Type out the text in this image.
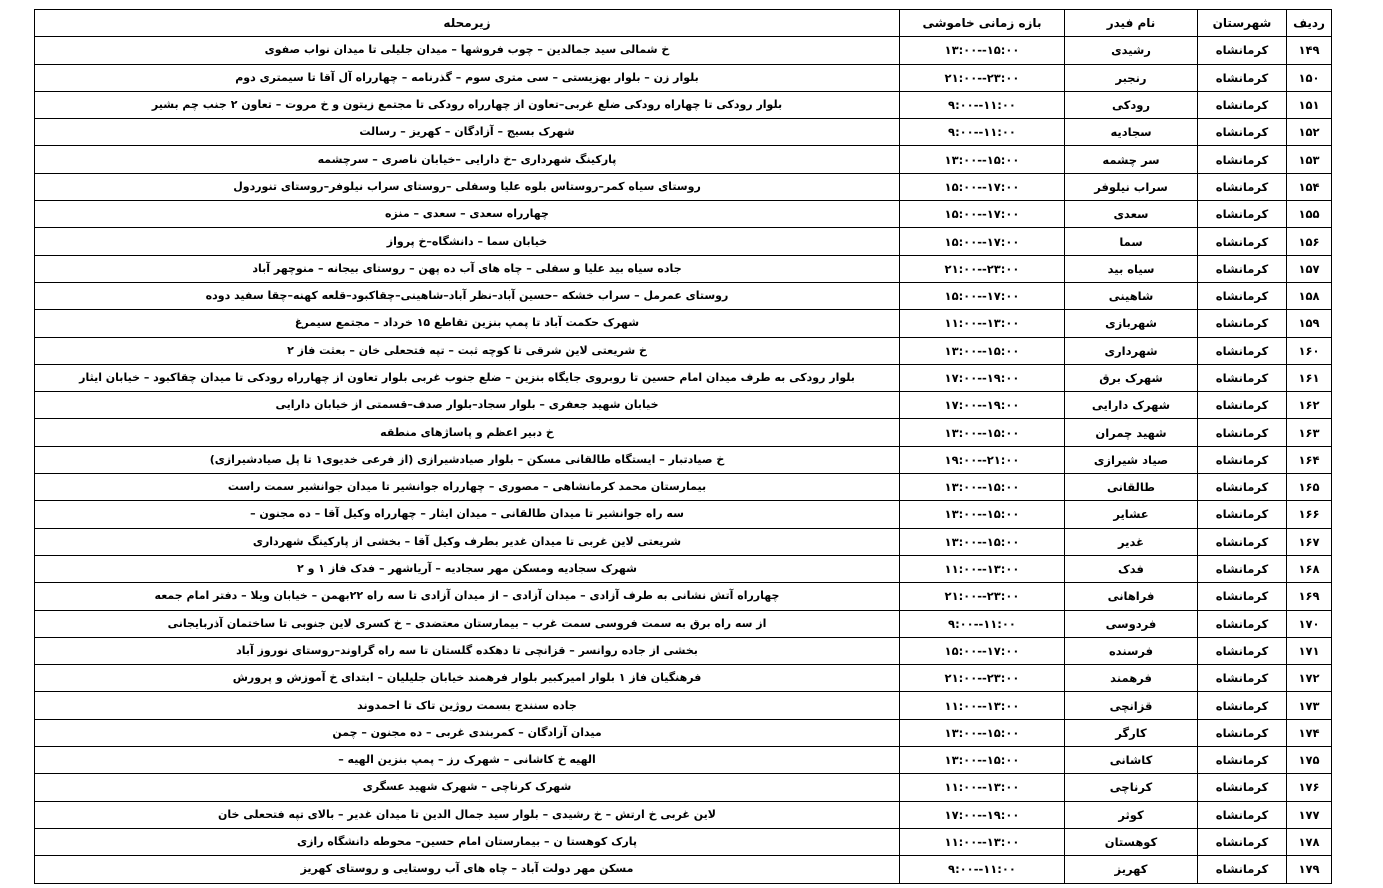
ردیف	شهرستان	نام فیدر	بازه زمانی خاموشی	زیرمحله
۱۴۹	کرمانشاه	رشیدی	۱۳:۰۰--۱۵:۰۰	خ شمالی سید جمالدین – چوب فروشها – میدان جلیلی تا میدان نواب صفوی
۱۵۰	کرمانشاه	رنجبر	۲۱:۰۰--۲۳:۰۰	بلوار زن – بلوار بهزیستی – سی متری سوم – گذرنامه – چهارراه آل آقا تا سیمتری دوم
۱۵۱	کرمانشاه	رودکی	۹:۰۰--۱۱:۰۰	بلوار رودکی تا چهاراه رودکی ضلع غربی–تعاون از چهارراه رودکی تا مجتمع زیتون و خ مروت – تعاون ۲ جنب چم بشیر
۱۵۲	کرمانشاه	سجادیه	۹:۰۰--۱۱:۰۰	شهرک بسیج – آزادگان – کهریز – رسالت
۱۵۳	کرمانشاه	سر چشمه	۱۳:۰۰--۱۵:۰۰	پارکینگ شهرداری –خ دارایی –خیابان ناصری – سرچشمه
۱۵۴	کرمانشاه	سراب نیلوفر	۱۵:۰۰--۱۷:۰۰	روستای سیاه کمر–روستاس بلوه علیا وسفلی –روستای سراب نیلوفر–روستای تنوردول
۱۵۵	کرمانشاه	سعدی	۱۵:۰۰--۱۷:۰۰	چهارراه سعدی – سعدی – منزه
۱۵۶	کرمانشاه	سما	۱۵:۰۰--۱۷:۰۰	خیابان سما – دانشگاه–خ پرواز
۱۵۷	کرمانشاه	سیاه بید	۲۱:۰۰--۲۳:۰۰	جاده سیاه بید علیا و سفلی – چاه های آب ده پهن – روستای بیجانه – منوچهر آباد
۱۵۸	کرمانشاه	شاهینی	۱۵:۰۰--۱۷:۰۰	روستای عمرمل – سراب خشکه –حسین آباد–نظر آباد–شاهینی–چقاکبود–قلعه کهنه–چقا سفید دوده
۱۵۹	کرمانشاه	شهربازی	۱۱:۰۰--۱۳:۰۰	شهرک حکمت آباد تا پمپ بنزین تقاطع ۱۵ خرداد – مجتمع سیمرغ
۱۶۰	کرمانشاه	شهرداری	۱۳:۰۰--۱۵:۰۰	خ شریعتی لاین شرقی تا کوچه ثبت – تپه فتحعلی خان – بعثت فاز ۲
۱۶۱	کرمانشاه	شهرک برق	۱۷:۰۰--۱۹:۰۰	بلوار رودکی به طرف میدان امام حسین تا روبروی جایگاه بنزین – ضلع جنوب غربی بلوار تعاون از چهارراه رودکی تا میدان چقاکبود – خیابان ایثار
۱۶۲	کرمانشاه	شهرک دارایی	۱۷:۰۰--۱۹:۰۰	خیابان شهید جعفری – بلوار سجاد–بلوار صدف–قسمتی از خیابان دارایی
۱۶۳	کرمانشاه	شهید چمران	۱۳:۰۰--۱۵:۰۰	خ دبیر اعظم و پاساژهای منطقه
۱۶۴	کرمانشاه	صیاد شیرازی	۱۹:۰۰--۲۱:۰۰	خ صیادتبار – ایستگاه طالقانی مسکن – بلوار صیادشیرازی (از فرعی خدیوی۱ تا پل صیادشیرازی)
۱۶۵	کرمانشاه	طالقانی	۱۳:۰۰--۱۵:۰۰	بیمارستان محمد کرمانشاهی – مصوری – چهارراه جوانشیر تا میدان جوانشیر سمت راست
۱۶۶	کرمانشاه	عشایر	۱۳:۰۰--۱۵:۰۰	سه راه جوانشیر تا میدان طالقانی – میدان ایثار – چهارراه وکیل آقا – ده مجنون –
۱۶۷	کرمانشاه	غدیر	۱۳:۰۰--۱۵:۰۰	شریعتی لاین غربی تا میدان غدیر بطرف وکیل آقا – بخشی از پارکینگ شهرداری
۱۶۸	کرمانشاه	فدک	۱۱:۰۰--۱۳:۰۰	شهرک سجادیه ومسکن مهر سجادیه – آریاشهر – فدک فاز ۱ و ۲
۱۶۹	کرمانشاه	فراهانی	۲۱:۰۰--۲۳:۰۰	چهارراه آتش نشانی به طرف آزادی – میدان آزادی – از میدان آزادی تا سه راه ۲۲بهمن – خیابان ویلا – دفتر امام جمعه
۱۷۰	کرمانشاه	فردوسی	۹:۰۰--۱۱:۰۰	از سه راه برق به سمت فروسی سمت غرب – بیمارستان معتضدی – خ کسری لاین جنوبی تا ساختمان آذربایجانی
۱۷۱	کرمانشاه	فرسنده	۱۵:۰۰--۱۷:۰۰	بخشی از جاده روانسر – قزانچی تا دهکده گلستان تا سه راه گراوند–روستای نوروز آباد
۱۷۲	کرمانشاه	فرهمند	۲۱:۰۰--۲۳:۰۰	فرهنگیان فاز ۱ بلوار امیرکبیر بلوار فرهمند خیابان جلیلیان – ابتدای خ آموزش و پرورش
۱۷۳	کرمانشاه	قزانچی	۱۱:۰۰--۱۳:۰۰	جاده سنندج بسمت روژین تاک تا احمدوند
۱۷۴	کرمانشاه	کارگر	۱۳:۰۰--۱۵:۰۰	میدان آزادگان – کمربندی غربی – ده مجنون – چمن
۱۷۵	کرمانشاه	کاشانی	۱۳:۰۰--۱۵:۰۰	الهیه خ کاشانی – شهرک رز – پمپ بنزین الهیه –
۱۷۶	کرمانشاه	کرناچی	۱۱:۰۰--۱۳:۰۰	شهرک کرناچی – شهرک شهید عسگری
۱۷۷	کرمانشاه	کوثر	۱۷:۰۰--۱۹:۰۰	لاین غربی خ ارتش – خ رشیدی – بلوار سید جمال الدین تا میدان غدیر – بالای تپه فتحعلی خان
۱۷۸	کرمانشاه	کوهستان	۱۱:۰۰--۱۳:۰۰	پارک کوهستا ن – بیمارستان امام حسین– محوطه دانشگاه رازی
۱۷۹	کرمانشاه	کهریز	۹:۰۰--۱۱:۰۰	مسکن مهر دولت آباد – چاه های آب روستایی و روستای کهریز
